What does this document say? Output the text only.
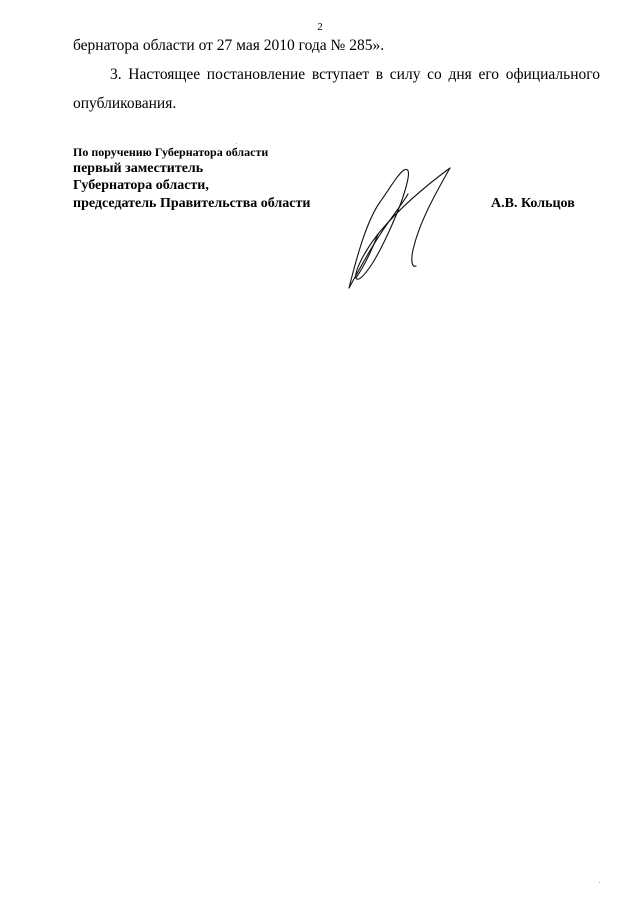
2
бернатора области от 27 мая 2010 года № 285».
3. Настоящее постановление вступает в силу со дня его официального
опубликования.
По поручению Губернатора области
первый заместитель
Губернатора области,
председатель Правительства области	А.В. Кольцов
